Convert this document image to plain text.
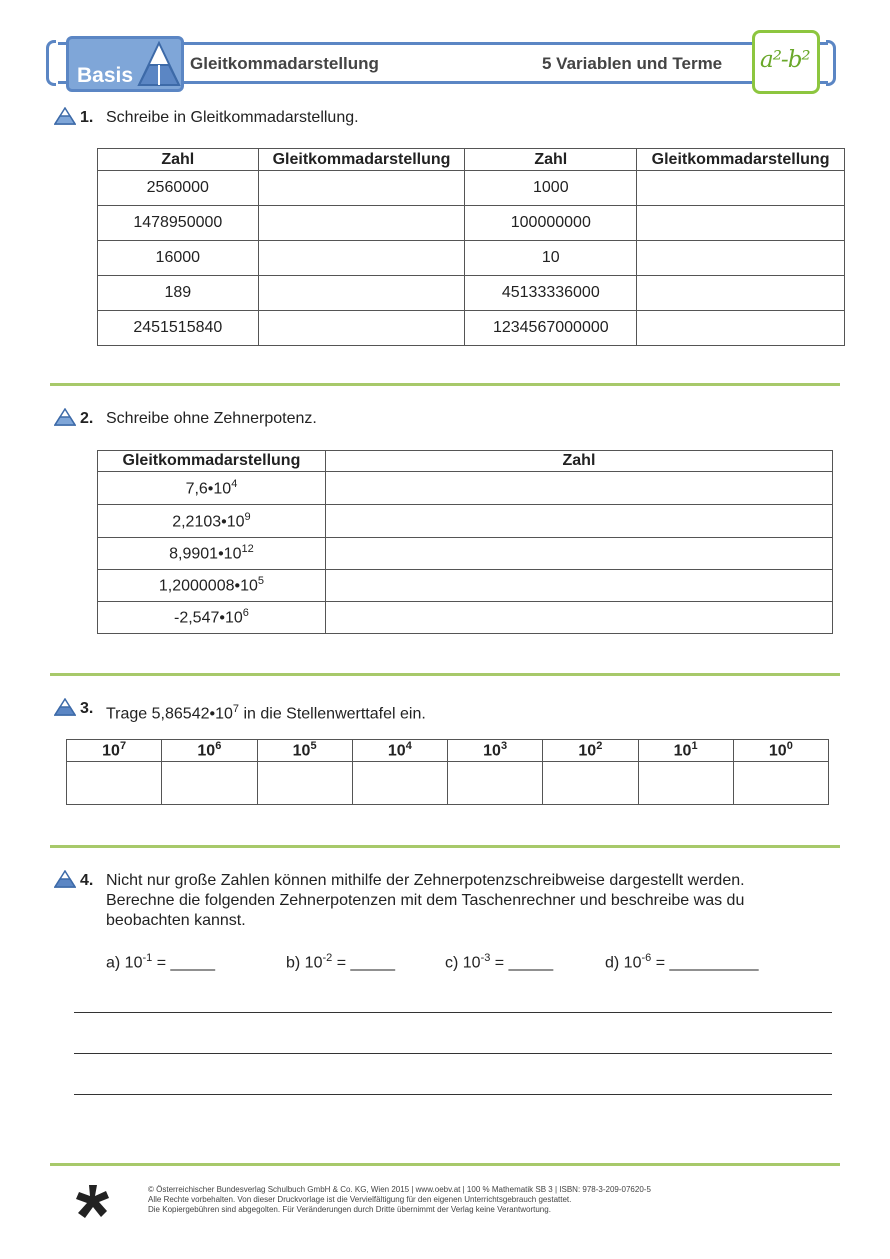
Basis
Gleitkommadarstellung	5 Variablen und Terme a²-b²
1. Schreibe in Gleitkommadarstellung.
Zahl	Gleitkommadarstellung	Zahl	Gleitkommadarstellung
2560000		1000	
1478950000		100000000	
16000		10	
189		45133336000	
2451515840		1234567000000	
2. Schreibe ohne Zehnerpotenz.
Gleitkommadarstellung	Zahl
$7,6•10^4$	
$2,2103•10^9$	
$8,9901•10^{12}$	
$1,2000008•10^5$	
$-2,547•10^6$	
3. Trage $5,86542•10^7$ in die Stellenwerttafel ein.
$10^7$	$10^6$	$10^5$	$10^4$	$10^3$	$10^2$	$10^1$	$10^0$

4. Nicht nur große Zahlen können mithilfe der Zehnerpotenzschreibweise dargestellt werden.
Berechne die folgenden Zehnerpotenzen mit dem Taschenrechner und beschreibe was du
beobachten kannst.
a) $10^{-1}$ = _____	b) $10^{-2}$ = _____	c) $10^{-3}$ = _____	d) $10^{-6}$ = __________
© Österreichischer Bundesverlag Schulbuch GmbH & Co. KG, Wien 2015 | www.oebv.at | 100 % Mathematik SB 3 | ISBN: 978-3-209-07620-5
Alle Rechte vorbehalten. Von dieser Druckvorlage ist die Vervielfältigung für den eigenen Unterrichtsgebrauch gestattet.
Die Kopiergebühren sind abgegolten. Für Veränderungen durch Dritte übernimmt der Verlag keine Verantwortung.
